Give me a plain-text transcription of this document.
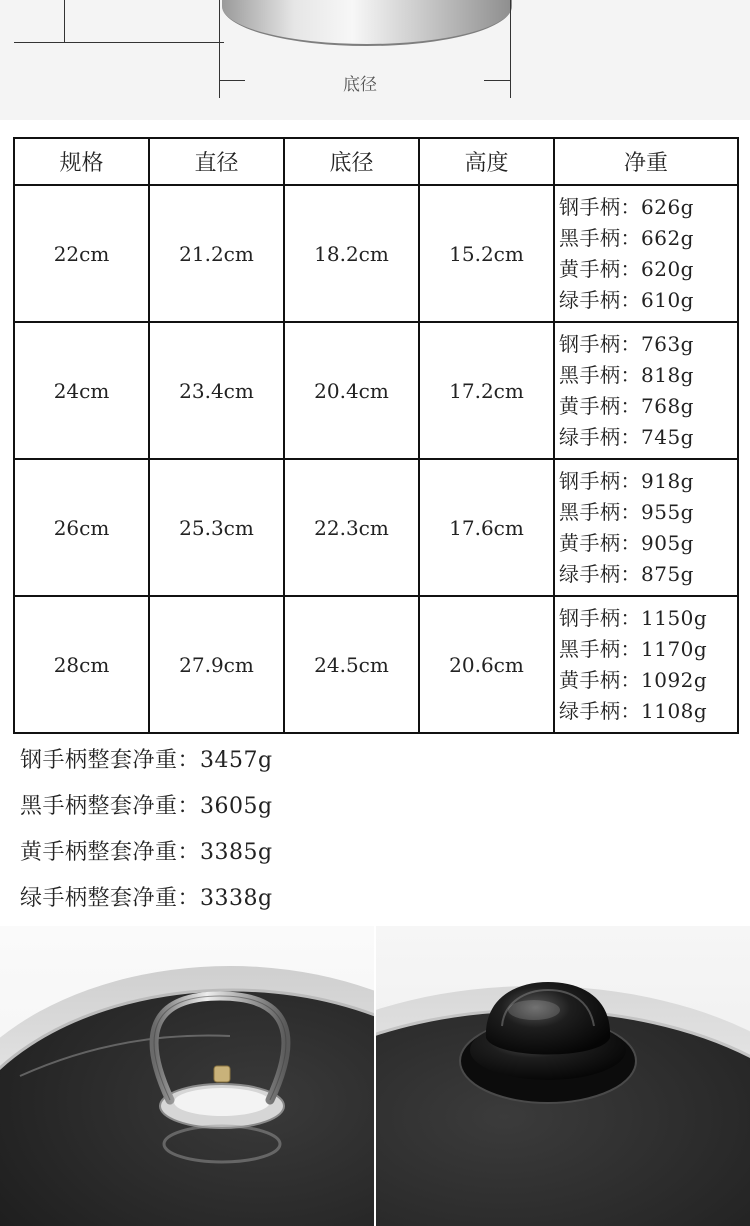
底径
规格	直径	底径	高度	净重
22cm	21.2cm	18.2cm	15.2cm	钢手柄：626g
黑手柄：662g
黄手柄：620g
绿手柄：610g

24cm	23.4cm	20.4cm	17.2cm	钢手柄：763g
黑手柄：818g
黄手柄：768g
绿手柄：745g

26cm	25.3cm	22.3cm	17.6cm	钢手柄：918g
黑手柄：955g
黄手柄：905g
绿手柄：875g

28cm	27.9cm	24.5cm	20.6cm	钢手柄：1150g
黑手柄：1170g
黄手柄：1092g
绿手柄：1108g
钢手柄整套净重：3457g
黑手柄整套净重：3605g
黄手柄整套净重：3385g
绿手柄整套净重：3338g
